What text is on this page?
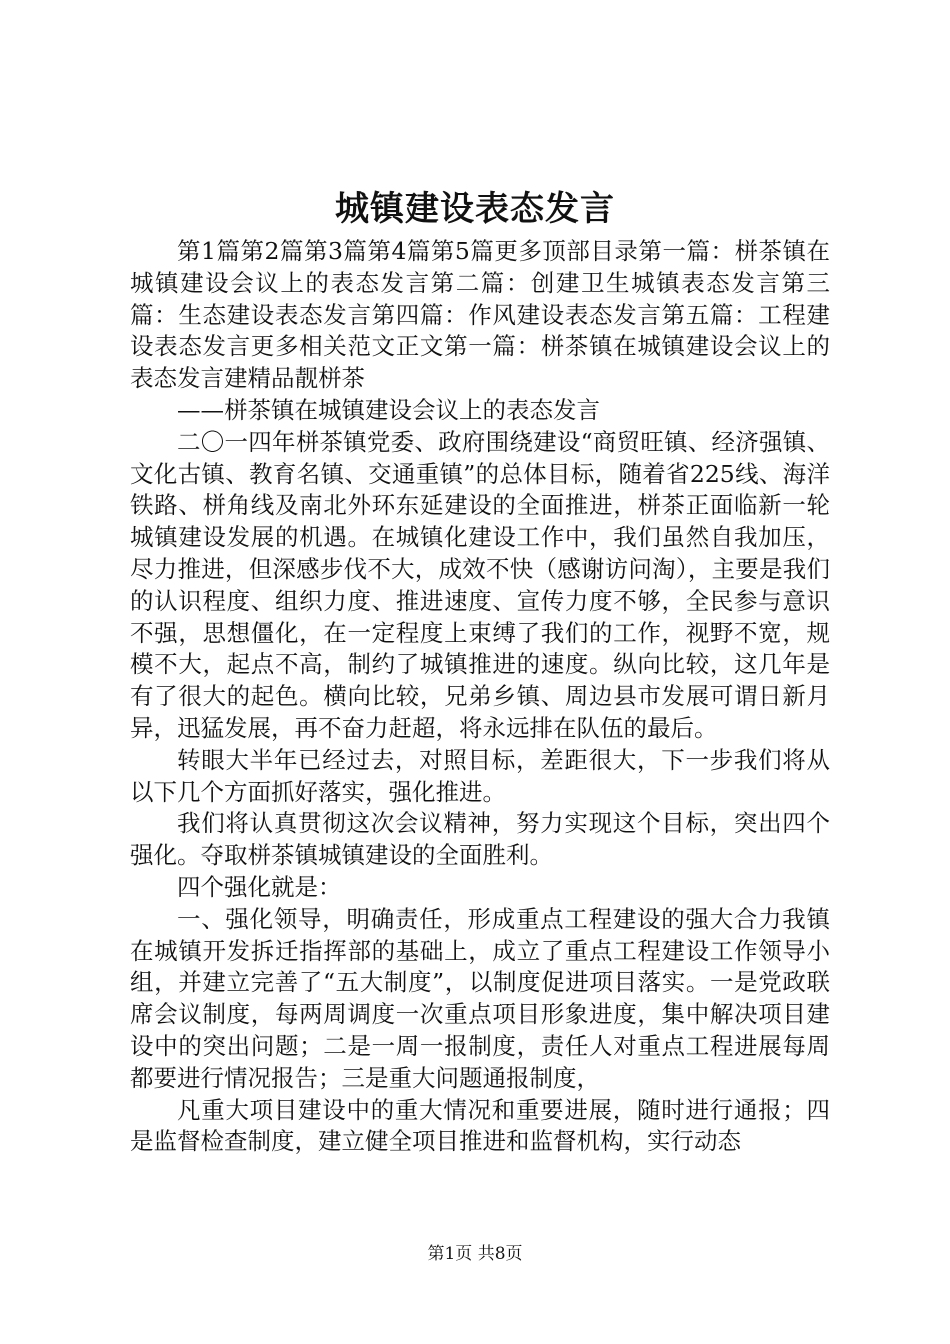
城镇建设表态发言

第1篇第2篇第3篇第4篇第5篇更多顶部目录第一篇：栟茶镇在城镇建设会议上的表态发言第二篇：创建卫生城镇表态发言第三篇：生态建设表态发言第四篇：作风建设表态发言第五篇：工程建设表态发言更多相关范文正文第一篇：栟茶镇在城镇建设会议上的表态发言建精品靓栟茶

——栟茶镇在城镇建设会议上的表态发言

二〇一四年栟茶镇党委、政府围绕建设“商贸旺镇、经济强镇、文化古镇、教育名镇、交通重镇”的总体目标，随着省225线、海洋铁路、栟角线及南北外环东延建设的全面推进，栟茶正面临新一轮城镇建设发展的机遇。在城镇化建设工作中，我们虽然自我加压，尽力推进，但深感步伐不大，成效不快（感谢访问淘），主要是我们的认识程度、组织力度、推进速度、宣传力度不够，全民参与意识不强，思想僵化，在一定程度上束缚了我们的工作，视野不宽，规模不大，起点不高，制约了城镇推进的速度。纵向比较，这几年是有了很大的起色。横向比较，兄弟乡镇、周边县市发展可谓日新月异，迅猛发展，再不奋力赶超，将永远排在队伍的最后。

转眼大半年已经过去，对照目标，差距很大，下一步我们将从以下几个方面抓好落实，强化推进。

我们将认真贯彻这次会议精神，努力实现这个目标，突出四个强化。夺取栟茶镇城镇建设的全面胜利。

四个强化就是：

一、强化领导，明确责任，形成重点工程建设的强大合力我镇在城镇开发拆迁指挥部的基础上，成立了重点工程建设工作领导小组，并建立完善了“五大制度”，以制度促进项目落实。一是党政联席会议制度，每两周调度一次重点项目形象进度，集中解决项目建设中的突出问题；二是一周一报制度，责任人对重点工程进展每周都要进行情况报告；三是重大问题通报制度，

凡重大项目建设中的重大情况和重要进展，随时进行通报；四是监督检查制度，建立健全项目推进和监督机构，实行动态

第1页 共8页
